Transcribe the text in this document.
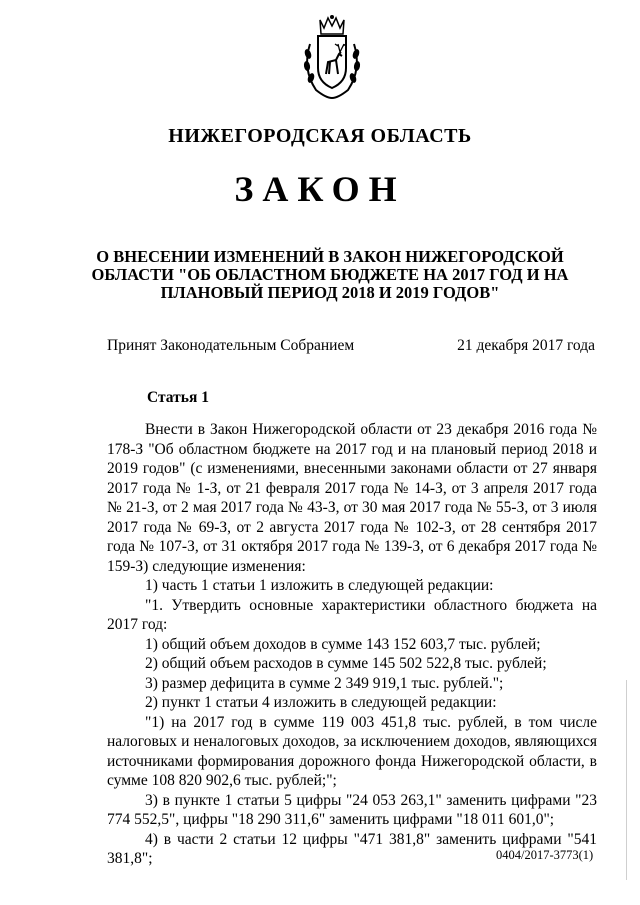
НИЖЕГОРОДСКАЯ ОБЛАСТЬ
ЗАКОН
О ВНЕСЕНИИ ИЗМЕНЕНИЙ В ЗАКОН НИЖЕГОРОДСКОЙ
ОБЛАСТИ "ОБ ОБЛАСТНОМ БЮДЖЕТЕ НА 2017 ГОД И НА
ПЛАНОВЫЙ ПЕРИОД 2018 И 2019 ГОДОВ"
Принят Законодательным Собранием	21 декабря 2017 года
Статья 1

Внести в Закон Нижегородской области от 23 декабря 2016 года № 178-З "Об областном бюджете на 2017 год и на плановый период 2018 и 2019 годов" (с изменениями, внесенными законами области от 27 января 2017 года № 1-З, от 21 февраля 2017 года № 14-З, от 3 апреля 2017 года № 21-З, от 2 мая 2017 года № 43-З, от 30 мая 2017 года № 55-З, от 3 июля 2017 года № 69-З, от 2 августа 2017 года № 102-З, от 28 сентября 2017 года № 107-З, от 31 октября 2017 года № 139-З, от 6 декабря 2017 года № 159-З) следующие изменения:

1) часть 1 статьи 1 изложить в следующей редакции:

"1. Утвердить основные характеристики областного бюджета на 2017 год:

1) общий объем доходов в сумме 143 152 603,7 тыс. рублей;

2) общий объем расходов в сумме 145 502 522,8 тыс. рублей;

3) размер дефицита в сумме 2 349 919,1 тыс. рублей.";

2) пункт 1 статьи 4 изложить в следующей редакции:

"1) на 2017 год в сумме 119 003 451,8 тыс. рублей, в том числе налоговых и неналоговых доходов, за исключением доходов, являющихся источниками формирования дорожного фонда Нижегородской области, в сумме 108 820 902,6 тыс. рублей;";

3) в пункте 1 статьи 5 цифры "24 053 263,1" заменить цифрами "23 774 552,5", цифры "18 290 311,6" заменить цифрами "18 011 601,0";

4) в части 2 статьи 12 цифры "471 381,8" заменить цифрами "541 381,8";	0404/2017-3773(1)
